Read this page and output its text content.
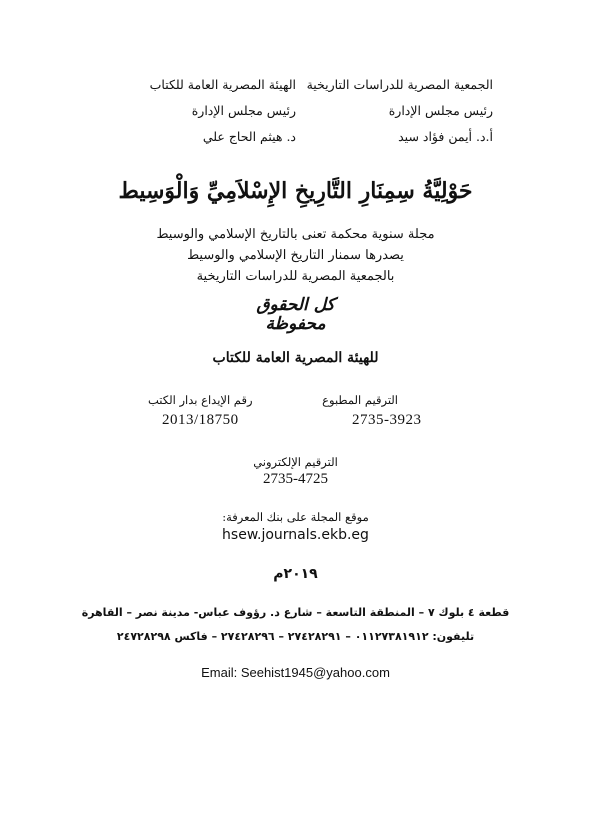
الجمعية المصرية للدراسات التاريخية
رئيس مجلس الإدارة
أ.د. أيمن فؤاد سيد
الهيئة المصرية العامة للكتاب
رئيس مجلس الإدارة
د. هيثم الحاج علي
حَوْلِيَّةُ سِمِنَارِ التَّارِيخِ الإِسْلاَمِيِّ وَالْوَسِيط
مجلة سنوية محكمة تعنى بالتاريخ الإسلامي والوسيط
يصدرها سمنار التاريخ الإسلامي والوسيط
بالجمعية المصرية للدراسات التاريخية
كل الحقوق
محفوظة
للهيئة المصرية العامة للكتاب
الترقيم المطبوع
2735-3923
رقم الإيداع بدار الكتب
2013/18750
الترقيم الإلكتروني
2735-4725
موقع المجلة على بنك المعرفة:
hsew.journals.ekb.eg
٢٠١٩م
قطعة ٤ بلوك ٧ – المنطقة التاسعة – شارع د. رؤوف عباس- مدينة نصر – القاهرة
تليفون: ٠١١٢٧٣٨١٩١٢ – ٢٧٤٢٨٢٩١ – ٢٧٤٢٨٢٩٦ – فاكس ٢٤٧٢٨٢٩٨
Email: Seehist1945@yahoo.com
